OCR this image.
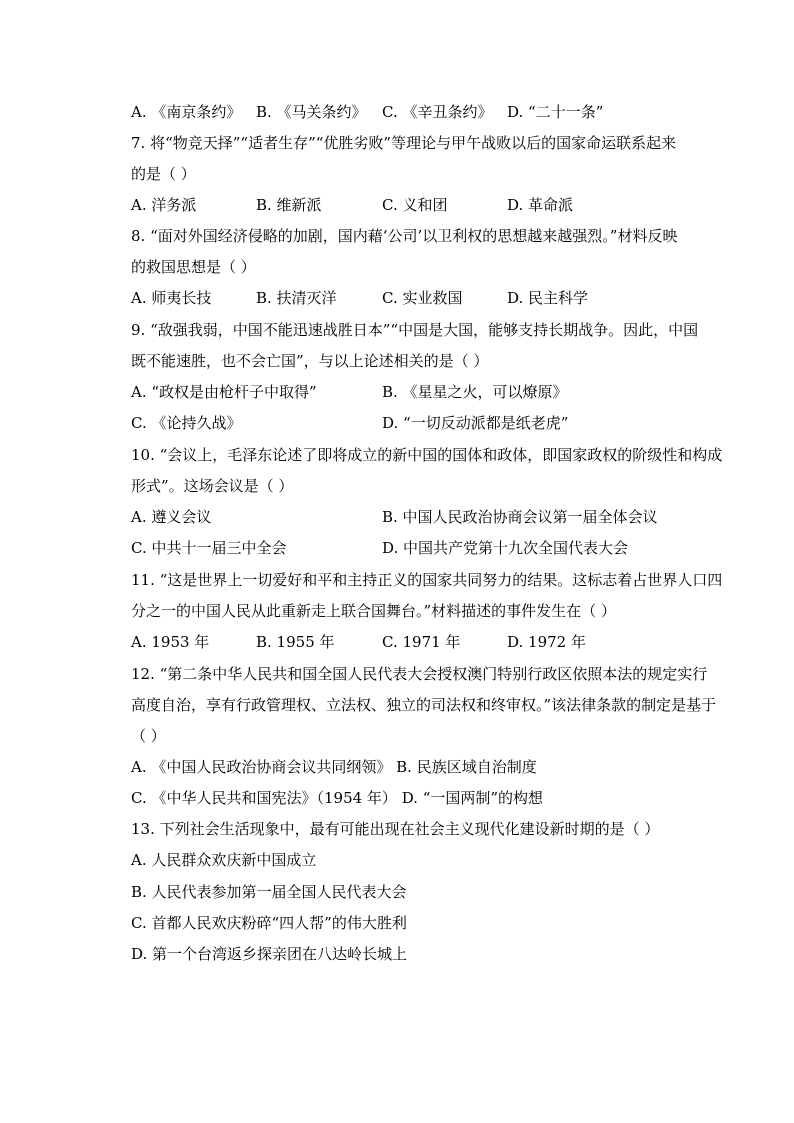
A. 《南京条约》 B. 《马关条约》 C. 《辛丑条约》 D. “二十一条”
7. 将“物竞天择”“适者生存”“优胜劣败”等理论与甲午战败以后的国家命运联系起来
的是（ ）
A. 洋务派	B. 维新派	C. 义和团	D. 革命派
8. “面对外国经济侵略的加剧，国内藉‘公司’以卫利权的思想越来越强烈。”材料反映
的救国思想是（ ）
A. 师夷长技	B. 扶清灭洋	C. 实业救国	D. 民主科学
9. “敌强我弱，中国不能迅速战胜日本”“中国是大国，能够支持长期战争。因此，中国
既不能速胜，也不会亡国”，与以上论述相关的是（ ）
A. “政权是由枪杆子中取得”	B. 《星星之火，可以燎原》
C. 《论持久战》	D. “一切反动派都是纸老虎”
10. “会议上，毛泽东论述了即将成立的新中国的国体和政体，即国家政权的阶级性和构成
形式”。这场会议是（ ）
A. 遵义会议	B. 中国人民政治协商会议第一届全体会议
C. 中共十一届三中全会	D. 中国共产党第十九次全国代表大会
11. “这是世界上一切爱好和平和主持正义的国家共同努力的结果。这标志着占世界人口四
分之一的中国人民从此重新走上联合国舞台。”材料描述的事件发生在（ ）
A. 1953 年	B. 1955 年	C. 1971 年	D. 1972 年
12. “第二条中华人民共和国全国人民代表大会授权澳门特别行政区依照本法的规定实行
高度自治，享有行政管理权、立法权、独立的司法权和终审权。”该法律条款的制定是基于
（ ）
A. 《中国人民政治协商会议共同纲领》 B. 民族区域自治制度
C. 《中华人民共和国宪法》（1954 年） D. “一国两制”的构想
13. 下列社会生活现象中，最有可能出现在社会主义现代化建设新时期的是（ ）
A. 人民群众欢庆新中国成立
B. 人民代表参加第一届全国人民代表大会
C. 首都人民欢庆粉碎“四人帮”的伟大胜利
D. 第一个台湾返乡探亲团在八达岭长城上
